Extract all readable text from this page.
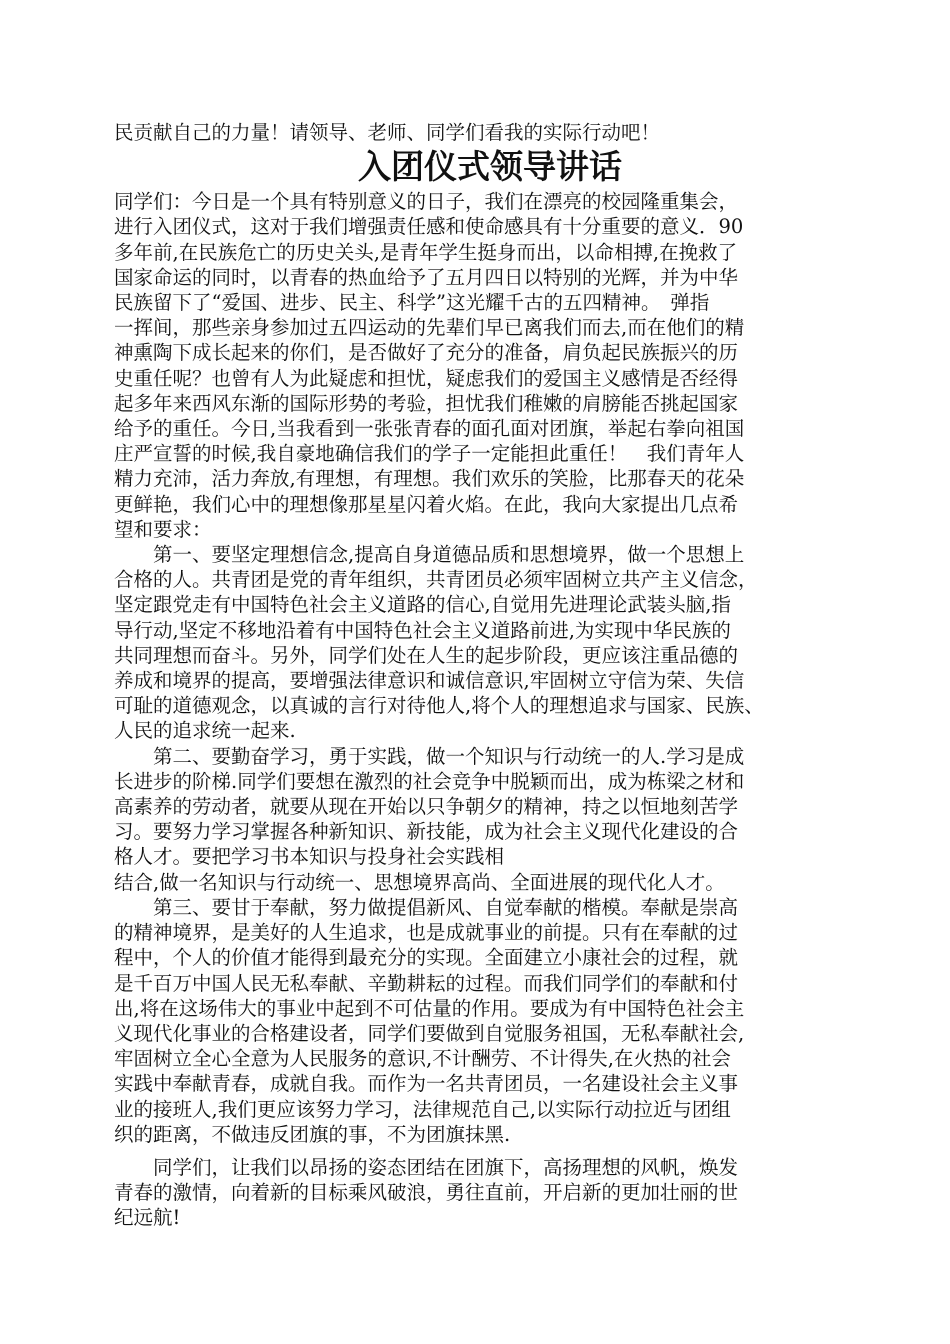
民贡献自己的力量！请领导、老师、同学们看我的实际行动吧！
入团仪式领导讲话
同学们：今日是一个具有特别意义的日子，我们在漂亮的校园隆重集会，
进行入团仪式，这对于我们增强责任感和使命感具有十分重要的意义．90
多年前,在民族危亡的历史关头,是青年学生挺身而出，以命相搏,在挽救了
国家命运的同时，以青春的热血给予了五月四日以特别的光辉，并为中华
民族留下了“爱国、进步、民主、科学”这光耀千古的五四精神。　弹指
一挥间，那些亲身参加过五四运动的先辈们早已离我们而去,而在他们的精
神熏陶下成长起来的你们，是否做好了充分的准备，肩负起民族振兴的历
史重任呢？也曾有人为此疑虑和担忧，疑虑我们的爱国主义感情是否经得
起多年来西风东渐的国际形势的考验，担忧我们稚嫩的肩膀能否挑起国家
给予的重任。今日,当我看到一张张青春的面孔面对团旗，举起右拳向祖国
庄严宣誓的时候,我自豪地确信我们的学子一定能担此重任！　我们青年人
精力充沛，活力奔放,有理想，有理想。我们欢乐的笑脸，比那春天的花朵
更鲜艳，我们心中的理想像那星星闪着火焰。在此，我向大家提出几点希
望和要求：
第一、要坚定理想信念,提高自身道德品质和思想境界，做一个思想上
合格的人。共青团是党的青年组织，共青团员必须牢固树立共产主义信念，
坚定跟党走有中国特色社会主义道路的信心,自觉用先进理论武装头脑,指
导行动,坚定不移地沿着有中国特色社会主义道路前进,为实现中华民族的
共同理想而奋斗。另外，同学们处在人生的起步阶段，更应该注重品德的
养成和境界的提高，要增强法律意识和诚信意识,牢固树立守信为荣、失信
可耻的道德观念，以真诚的言行对待他人,将个人的理想追求与国家、民族、
人民的追求统一起来.
第二、要勤奋学习，勇于实践，做一个知识与行动统一的人.学习是成
长进步的阶梯.同学们要想在激烈的社会竞争中脱颖而出，成为栋梁之材和
高素养的劳动者，就要从现在开始以只争朝夕的精神，持之以恒地刻苦学
习。要努力学习掌握各种新知识、新技能，成为社会主义现代化建设的合
格人才。要把学习书本知识与投身社会实践相
结合,做一名知识与行动统一、思想境界高尚、全面进展的现代化人才。
第三、要甘于奉献，努力做提倡新风、自觉奉献的楷模。奉献是崇高
的精神境界，是美好的人生追求，也是成就事业的前提。只有在奉献的过
程中，个人的价值才能得到最充分的实现。全面建立小康社会的过程，就
是千百万中国人民无私奉献、辛勤耕耘的过程。而我们同学们的奉献和付
出,将在这场伟大的事业中起到不可估量的作用。要成为有中国特色社会主
义现代化事业的合格建设者，同学们要做到自觉服务祖国，无私奉献社会,
牢固树立全心全意为人民服务的意识,不计酬劳、不计得失,在火热的社会
实践中奉献青春，成就自我。而作为一名共青团员，一名建设社会主义事
业的接班人,我们更应该努力学习，法律规范自己,以实际行动拉近与团组
织的距离，不做违反团旗的事，不为团旗抹黑.
同学们，让我们以昂扬的姿态团结在团旗下，高扬理想的风帆，焕发
青春的激情，向着新的目标乘风破浪，勇往直前，开启新的更加壮丽的世
纪远航!
